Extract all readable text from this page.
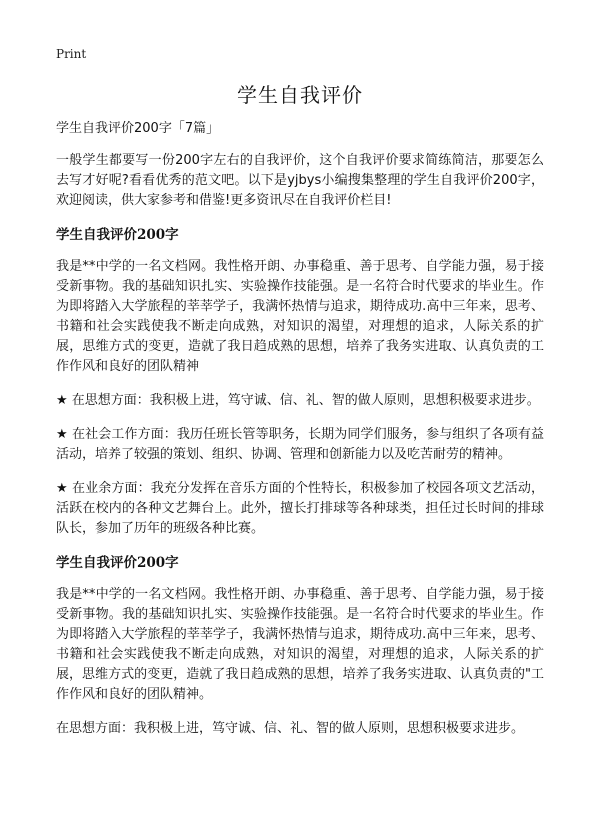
Print
学生自我评价

学生自我评价200字「7篇」

一般学生都要写一份200字左右的自我评价，这个自我评价要求简练简洁，那要怎么去写才好呢?看看优秀的范文吧。以下是yjbys小编搜集整理的学生自我评价200字，欢迎阅读，供大家参考和借鉴!更多资讯尽在自我评价栏目!

学生自我评价200字

我是**中学的一名文档网。我性格开朗、办事稳重、善于思考、自学能力强，易于接受新事物。我的基础知识扎实、实验操作技能强。是一名符合时代要求的毕业生。作为即将踏入大学旅程的莘莘学子，我满怀热情与追求，期待成功.高中三年来，思考、书籍和社会实践使我不断走向成熟，对知识的渴望，对理想的追求，人际关系的扩展，思维方式的变更，造就了我日趋成熟的思想，培养了我务实进取、认真负责的工作作风和良好的团队精神

★ 在思想方面：我积极上进，笃守诚、信、礼、智的做人原则，思想积极要求进步。

★ 在社会工作方面：我历任班长管等职务，长期为同学们服务，参与组织了各项有益活动，培养了较强的策划、组织、协调、管理和创新能力以及吃苦耐劳的精神。

★ 在业余方面：我充分发挥在音乐方面的个性特长，积极参加了校园各项文艺活动，活跃在校内的各种文艺舞台上。此外，擅长打排球等各种球类，担任过长时间的排球队长，参加了历年的班级各种比赛。

学生自我评价200字

我是**中学的一名文档网。我性格开朗、办事稳重、善于思考、自学能力强，易于接受新事物。我的基础知识扎实、实验操作技能强。是一名符合时代要求的毕业生。作为即将踏入大学旅程的莘莘学子，我满怀热情与追求，期待成功.高中三年来，思考、书籍和社会实践使我不断走向成熟，对知识的渴望，对理想的追求，人际关系的扩展，思维方式的变更，造就了我日趋成熟的思想，培养了我务实进取、认真负责的"工作作风和良好的团队精神。

在思想方面：我积极上进，笃守诚、信、礼、智的做人原则，思想积极要求进步。
